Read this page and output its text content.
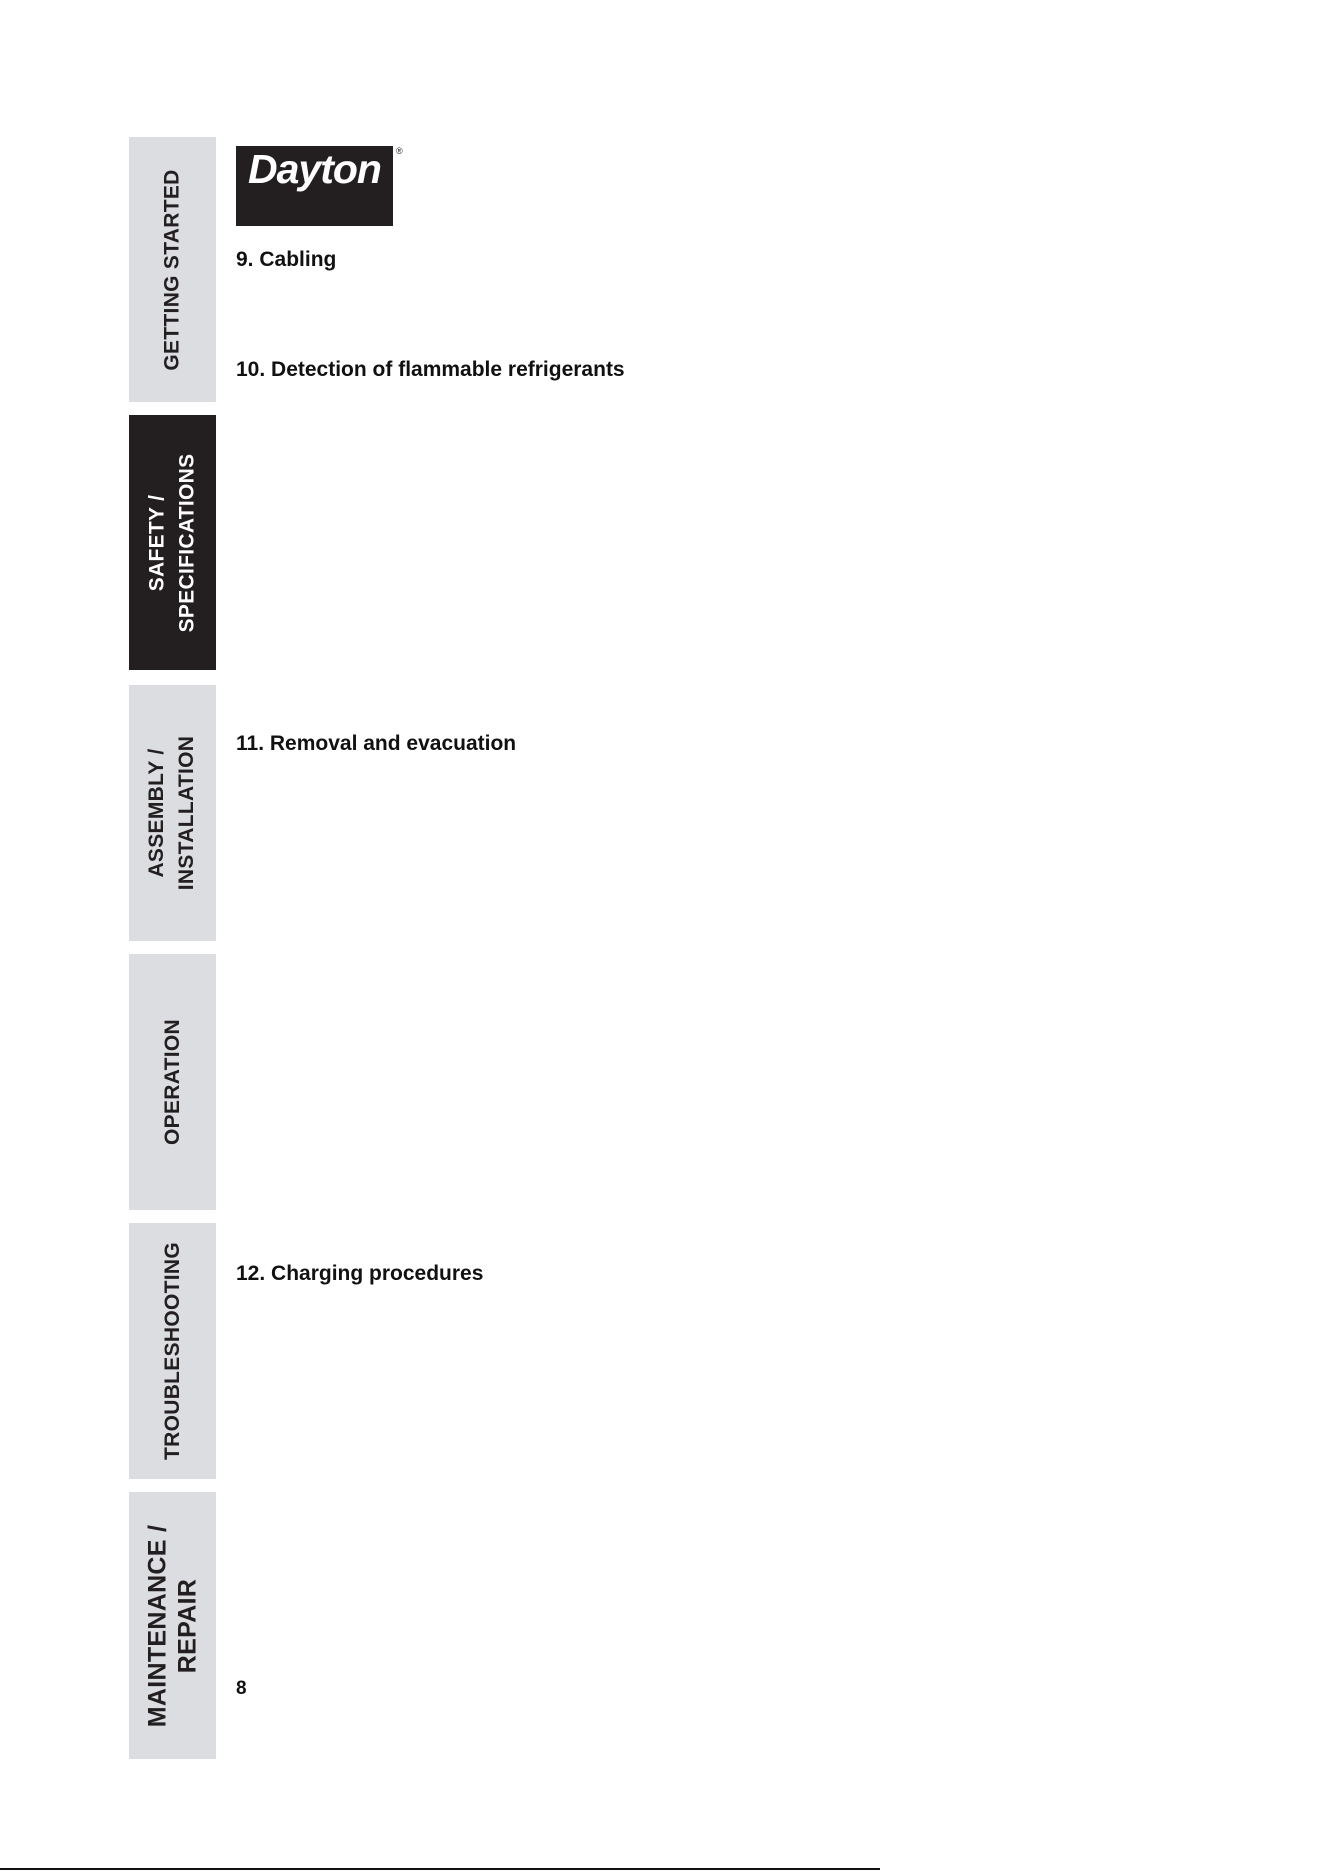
GETTING STARTED
SAFETY / SPECIFICATIONS
ASSEMBLY / INSTALLATION
OPERATION
TROUBLESHOOTING
MAINTENANCE / REPAIR
Dayton ®
9. Cabling
10. Detection of flammable refrigerants
11. Removal and evacuation
12. Charging procedures
8
